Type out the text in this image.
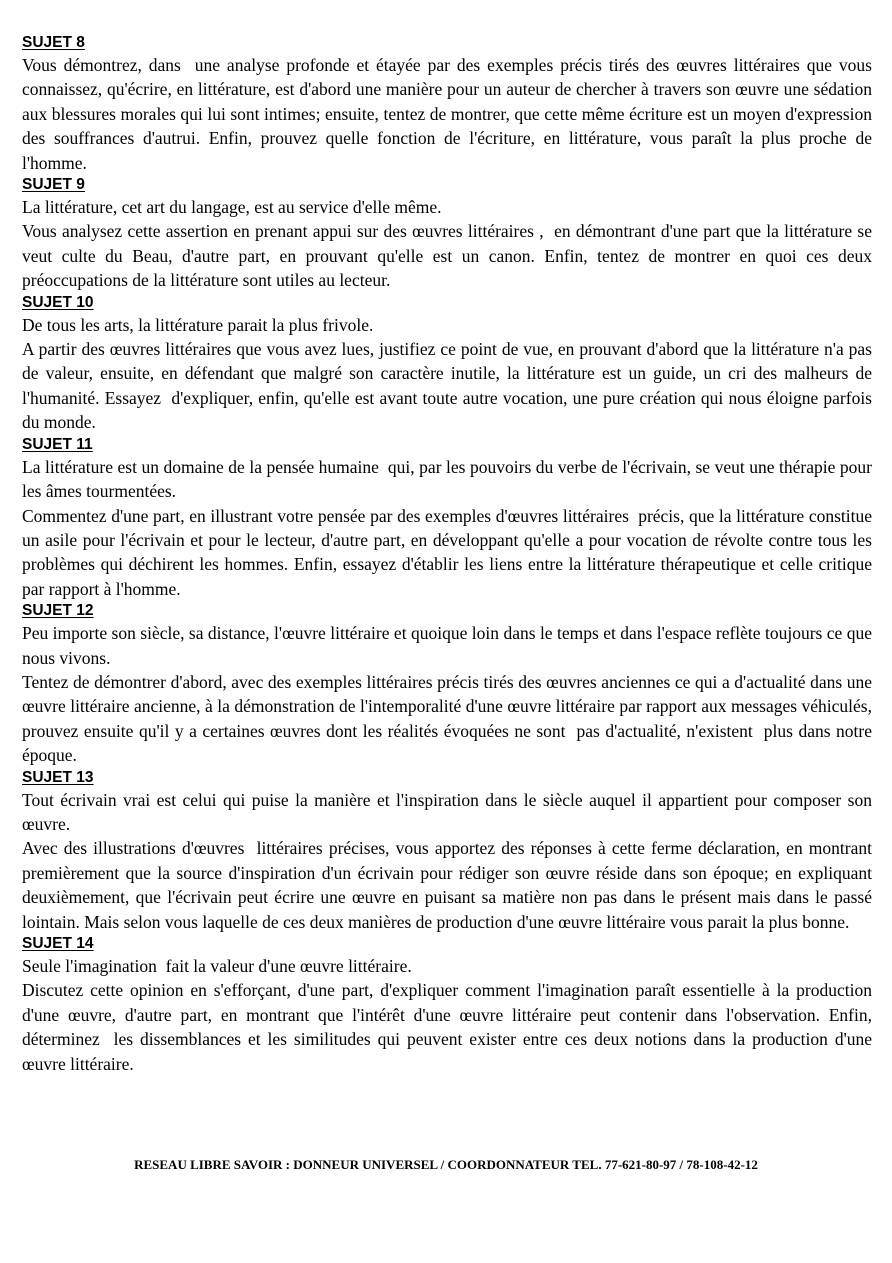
SUJET 8

Vous démontrez, dans  une analyse profonde et étayée par des exemples précis tirés des œuvres littéraires que vous connaissez, qu'écrire, en littérature, est d'abord une manière pour un auteur de chercher à travers son œuvre une sédation aux blessures morales qui lui sont intimes; ensuite, tentez de montrer, que cette même écriture est un moyen d'expression des souffrances d'autrui. Enfin, prouvez quelle fonction de l'écriture, en littérature, vous paraît la plus proche de l'homme.

SUJET 9

La littérature, cet art du langage, est au service d'elle même.

Vous analysez cette assertion en prenant appui sur des œuvres littéraires ,  en démontrant d'une part que la littérature se veut culte du Beau, d'autre part, en prouvant qu'elle est un canon. Enfin, tentez de montrer en quoi ces deux préoccupations de la littérature sont utiles au lecteur.

SUJET 10

De tous les arts, la littérature parait la plus frivole.

A partir des œuvres littéraires que vous avez lues, justifiez ce point de vue, en prouvant d'abord que la littérature n'a pas de valeur, ensuite, en défendant que malgré son caractère inutile, la littérature est un guide, un cri des malheurs de l'humanité. Essayez  d'expliquer, enfin, qu'elle est avant toute autre vocation, une pure création qui nous éloigne parfois du monde.

SUJET 11

La littérature est un domaine de la pensée humaine  qui, par les pouvoirs du verbe de l'écrivain, se veut une thérapie pour les âmes tourmentées.

Commentez d'une part, en illustrant votre pensée par des exemples d'œuvres littéraires  précis, que la littérature constitue un asile pour l'écrivain et pour le lecteur, d'autre part, en développant qu'elle a pour vocation de révolte contre tous les problèmes qui déchirent les hommes. Enfin, essayez d'établir les liens entre la littérature thérapeutique et celle critique par rapport à l'homme.

SUJET 12

Peu importe son siècle, sa distance, l'œuvre littéraire et quoique loin dans le temps et dans l'espace reflète toujours ce que nous vivons.

Tentez de démontrer d'abord, avec des exemples littéraires précis tirés des œuvres anciennes ce qui a d'actualité dans une œuvre littéraire ancienne, à la démonstration de l'intemporalité d'une œuvre littéraire par rapport aux messages véhiculés, prouvez ensuite qu'il y a certaines œuvres dont les réalités évoquées ne sont  pas d'actualité, n'existent  plus dans notre époque.

SUJET 13

Tout écrivain vrai est celui qui puise la manière et l'inspiration dans le siècle auquel il appartient pour composer son œuvre.

Avec des illustrations d'œuvres  littéraires précises, vous apportez des réponses à cette ferme déclaration, en montrant premièrement que la source d'inspiration d'un écrivain pour rédiger son œuvre réside dans son époque; en expliquant deuxièmement, que l'écrivain peut écrire une œuvre en puisant sa matière non pas dans le présent mais dans le passé lointain. Mais selon vous laquelle de ces deux manières de production d'une œuvre littéraire vous parait la plus bonne.

SUJET 14

Seule l'imagination  fait la valeur d'une œuvre littéraire.

Discutez cette opinion en s'efforçant, d'une part, d'expliquer comment l'imagination paraît essentielle à la production d'une œuvre, d'autre part, en montrant que l'intérêt d'une œuvre littéraire peut contenir dans l'observation. Enfin, déterminez  les dissemblances et les similitudes qui peuvent exister entre ces deux notions dans la production d'une œuvre littéraire.

RESEAU LIBRE SAVOIR : DONNEUR UNIVERSEL / COORDONNATEUR TEL. 77-621-80-97 / 78-108-42-12
